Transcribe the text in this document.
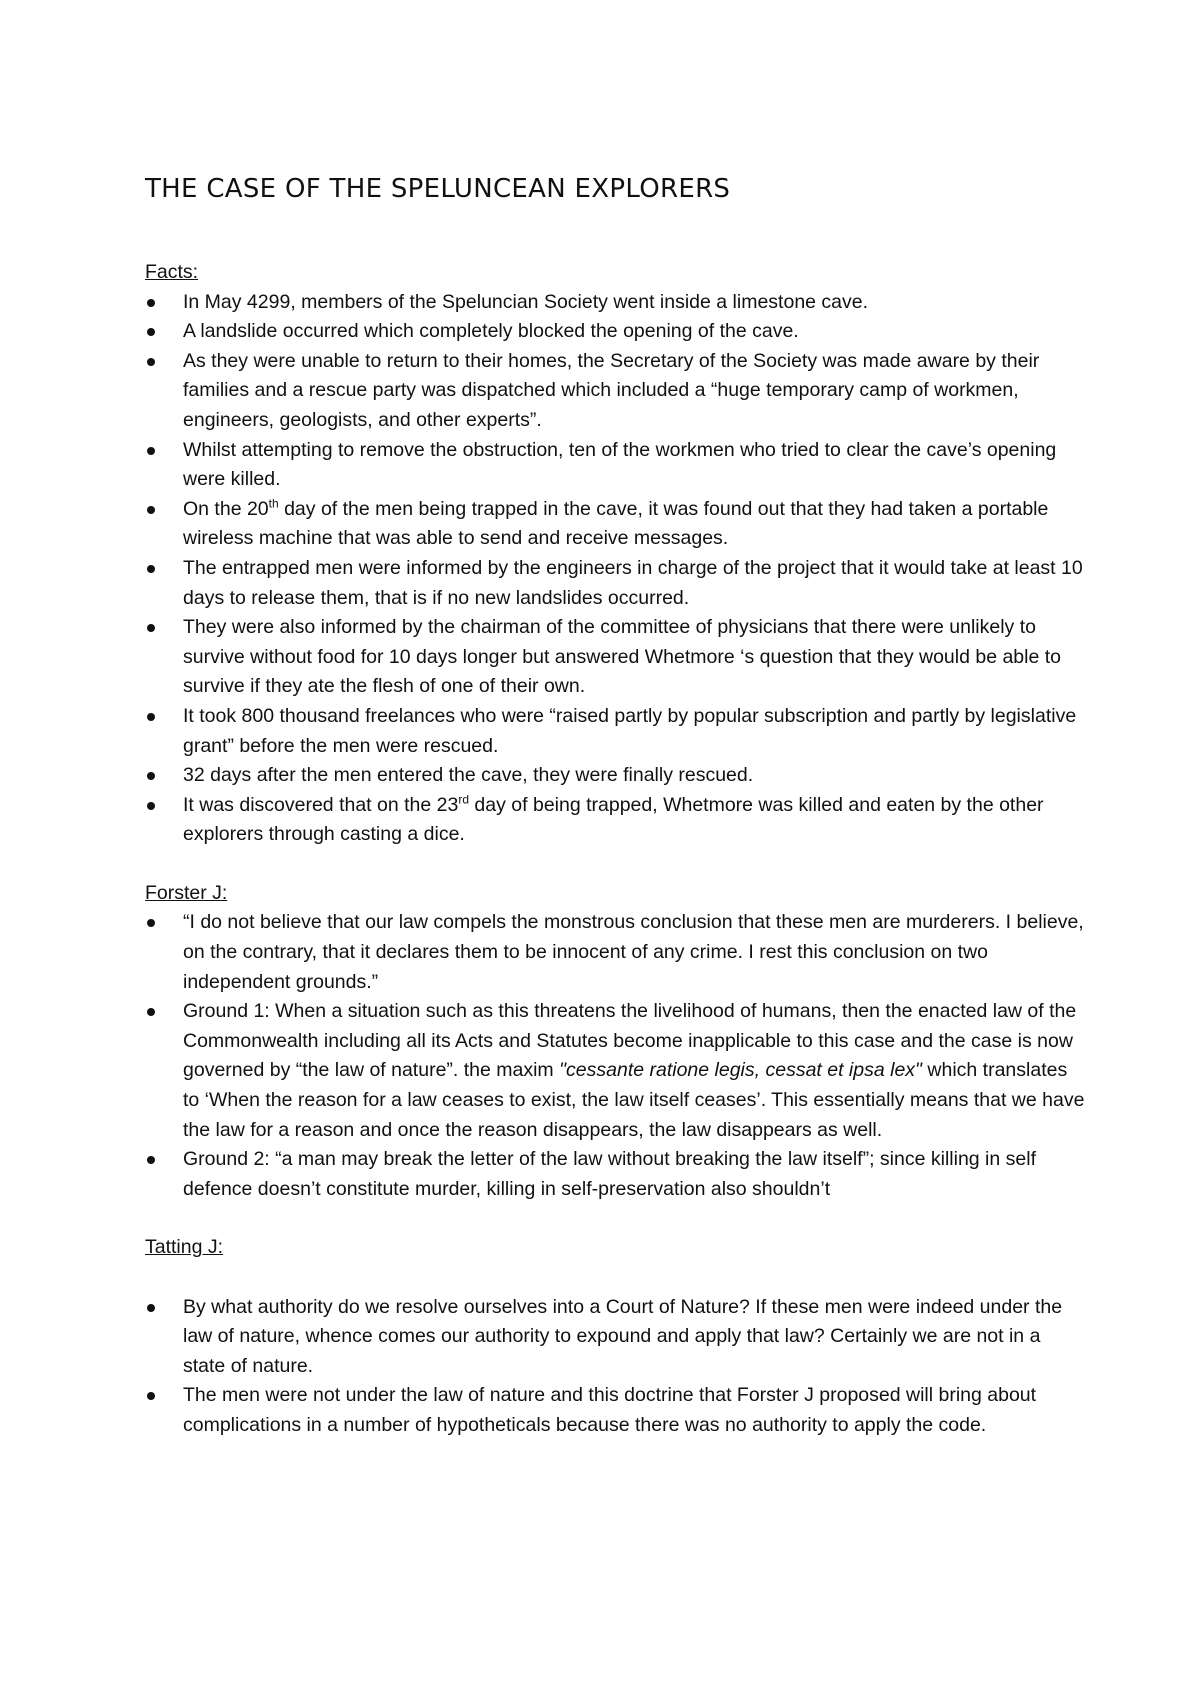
THE CASE OF THE SPELUNCEAN EXPLORERS

Facts:

In May 4299, members of the Speluncian Society went inside a limestone cave.
A landslide occurred which completely blocked the opening of the cave.
As they were unable to return to their homes, the Secretary of the Society was made aware by their families and a rescue party was dispatched which included a “huge temporary camp of workmen, engineers, geologists, and other experts”.
Whilst attempting to remove the obstruction, ten of the workmen who tried to clear the cave’s opening were killed.
On the 20th day of the men being trapped in the cave, it was found out that they had taken a portable wireless machine that was able to send and receive messages.
The entrapped men were informed by the engineers in charge of the project that it would take at least 10 days to release them, that is if no new landslides occurred.
They were also informed by the chairman of the committee of physicians that there were unlikely to survive without food for 10 days longer but answered Whetmore ‘s question that they would be able to survive if they ate the flesh of one of their own.
It took 800 thousand freelances who were “raised partly by popular subscription and partly by legislative grant” before the men were rescued.
32 days after the men entered the cave, they were finally rescued.
It was discovered that on the 23rd day of being trapped, Whetmore was killed and eaten by the other explorers through casting a dice.

Forster J:

“I do not believe that our law compels the monstrous conclusion that these men are murderers. I believe, on the contrary, that it declares them to be innocent of any crime. I rest this conclusion on two independent grounds.”
Ground 1: When a situation such as this threatens the livelihood of humans, then the enacted law of the Commonwealth including all its Acts and Statutes become inapplicable to this case and the case is now governed by “the law of nature”. the maxim "cessante ratione legis, cessat et ipsa lex" which translates to ‘When the reason for a law ceases to exist, the law itself ceases’. This essentially means that we have the law for a reason and once the reason disappears, the law disappears as well.
Ground 2: “a man may break the letter of the law without breaking the law itself”; since killing in self defence doesn’t constitute murder, killing in self-preservation also shouldn’t

Tatting J:

By what authority do we resolve ourselves into a Court of Nature? If these men were indeed under the law of nature, whence comes our authority to expound and apply that law? Certainly we are not in a state of nature.
The men were not under the law of nature and this doctrine that Forster J proposed will bring about complications in a number of hypotheticals because there was no authority to apply the code.
